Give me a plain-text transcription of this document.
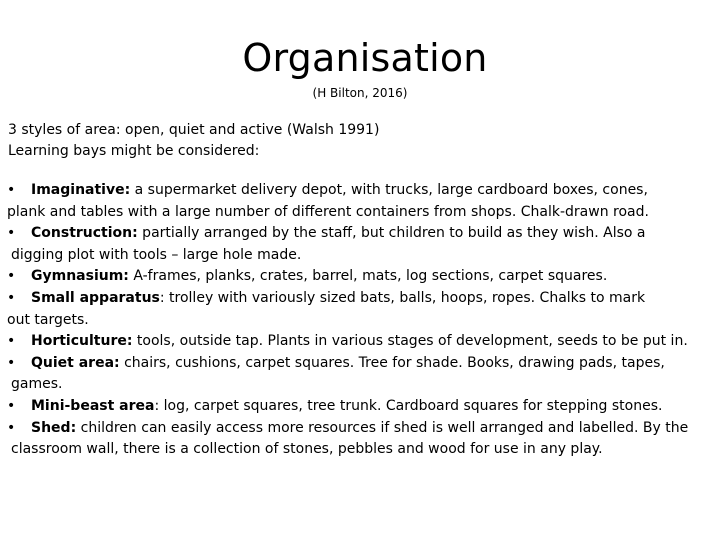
Organisation
(H Bilton, 2016)
3 styles of area: open, quiet and active (Walsh 1991)
Learning bays might be considered:
• Imaginative: a supermarket delivery depot, with trucks, large cardboard boxes, cones,
plank and tables with a large number of different containers from shops. Chalk-drawn road.
• Construction: partially arranged by the staff, but children to build as they wish. Also a
digging plot with tools – large hole made.
• Gymnasium: A-frames, planks, crates, barrel, mats, log sections, carpet squares.
• Small apparatus: trolley with variously sized bats, balls, hoops, ropes. Chalks to mark
out targets.
• Horticulture: tools, outside tap. Plants in various stages of development, seeds to be put in.
• Quiet area: chairs, cushions, carpet squares. Tree for shade. Books, drawing pads, tapes,
games.
• Mini-beast area: log, carpet squares, tree trunk. Cardboard squares for stepping stones.
• Shed: children can easily access more resources if shed is well arranged and labelled. By the
classroom wall, there is a collection of stones, pebbles and wood for use in any play.
